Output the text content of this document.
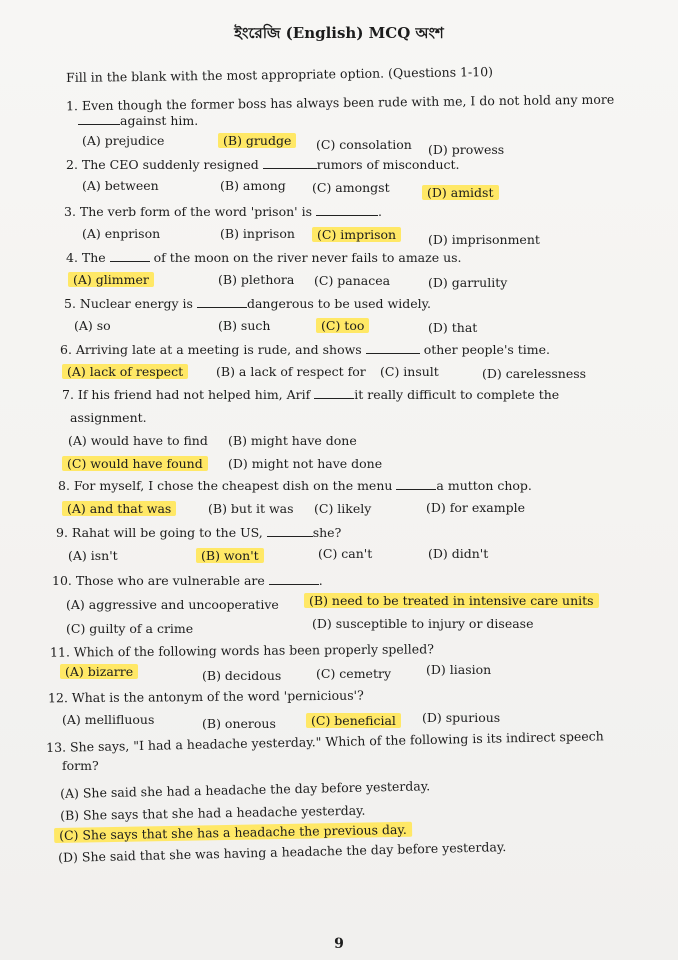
ইংরেজি (English) MCQ অংশ
Fill in the blank with the most appropriate option. (Questions 1-10)
1. Even though the former boss has always been rude with me, I do not hold any more
against him.
(A) prejudice	(B) grudge	(C) consolation (D) prowess
2. The CEO suddenly resigned	rumors of misconduct.
(A) between	(B) among (C) amongst	(D) amidst
3. The verb form of the word 'prison' is	.
(A) enprison	(B) inprison	(C) imprison	(D) imprisonment
4. The	of the moon on the river never fails to amaze us.
(A) glimmer	(B) plethora (C) panacea	(D) garrulity
5. Nuclear energy is	dangerous to be used widely.
(A) so	(B) such	(C) too	(D) that
6. Arriving late at a meeting is rude, and shows	other people's time.
(A) lack of respect	(B) a lack of respect for (C) insult	(D) carelessness
7. If his friend had not helped him, Arif	it really difficult to complete the
assignment.
(A) would have to find (B) might have done
(C) would have found	(D) might not have done
8. For myself, I chose the cheapest dish on the menu	a mutton chop.
(A) and that was	(B) but it was (C) likely	(D) for example
9. Rahat will be going to the US,	she?
(A) isn't	(B) won't	(C) can't	(D) didn't
10. Those who are vulnerable are	.
(A) aggressive and uncooperative	(B) need to be treated in intensive care units
(C) guilty of a crime	(D) susceptible to injury or disease
11. Which of the following words has been properly spelled?
(A) bizarre	(B) decidous	(C) cemetry	(D) liasion
12. What is the antonym of the word 'pernicious'?
(A) mellifluous	(B) onerous	(C) beneficial	(D) spurious
13. She says, "I had a headache yesterday." Which of the following is its indirect speech
form?
(A) She said she had a headache the day before yesterday.
(B) She says that she had a headache yesterday.
(C) She says that she has a headache the previous day.
(D) She said that she was having a headache the day before yesterday.
9
